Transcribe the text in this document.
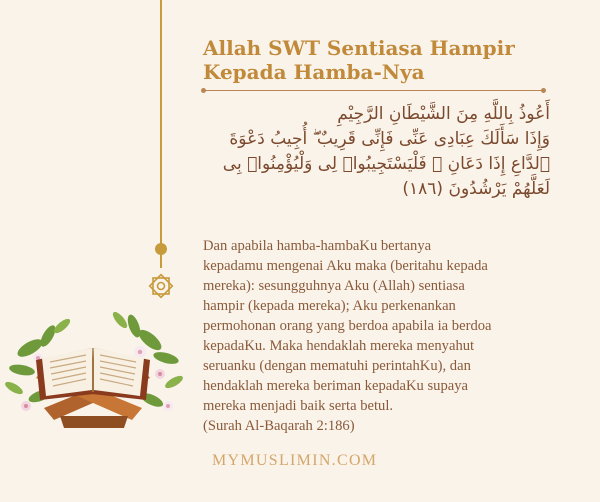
Allah SWT Sentiasa Hampir
Kepada Hamba-Nya

أَعُوذُ بِاللَّهِ مِنَ الشَّيْطَانِ الرَّجِيْمِ
وَإِذَا سَأَلَكَ عِبَادِى عَنِّى فَإِنِّى قَرِيبٌ ۖ أُجِيبُ دَعْوَةَ
ٱلدَّاعِ إِذَا دَعَانِ ۖ فَلْيَسْتَجِيبُوا۟ لِى وَلْيُؤْمِنُوا۟ بِى
لَعَلَّهُمْ يَرْشُدُونَ (١٨٦)

Dan apabila hamba-hambaKu bertanya
kepadamu mengenai Aku maka (beritahu kepada
mereka): sesungguhnya Aku (Allah) sentiasa
hampir (kepada mereka); Aku perkenankan
permohonan orang yang berdoa apabila ia berdoa
kepadaKu. Maka hendaklah mereka menyahut
seruanku (dengan mematuhi perintahKu), dan
hendaklah mereka beriman kepadaKu supaya
mereka menjadi baik serta betul.
(Surah Al-Baqarah 2:186)

MYMUSLIMIN.COM
